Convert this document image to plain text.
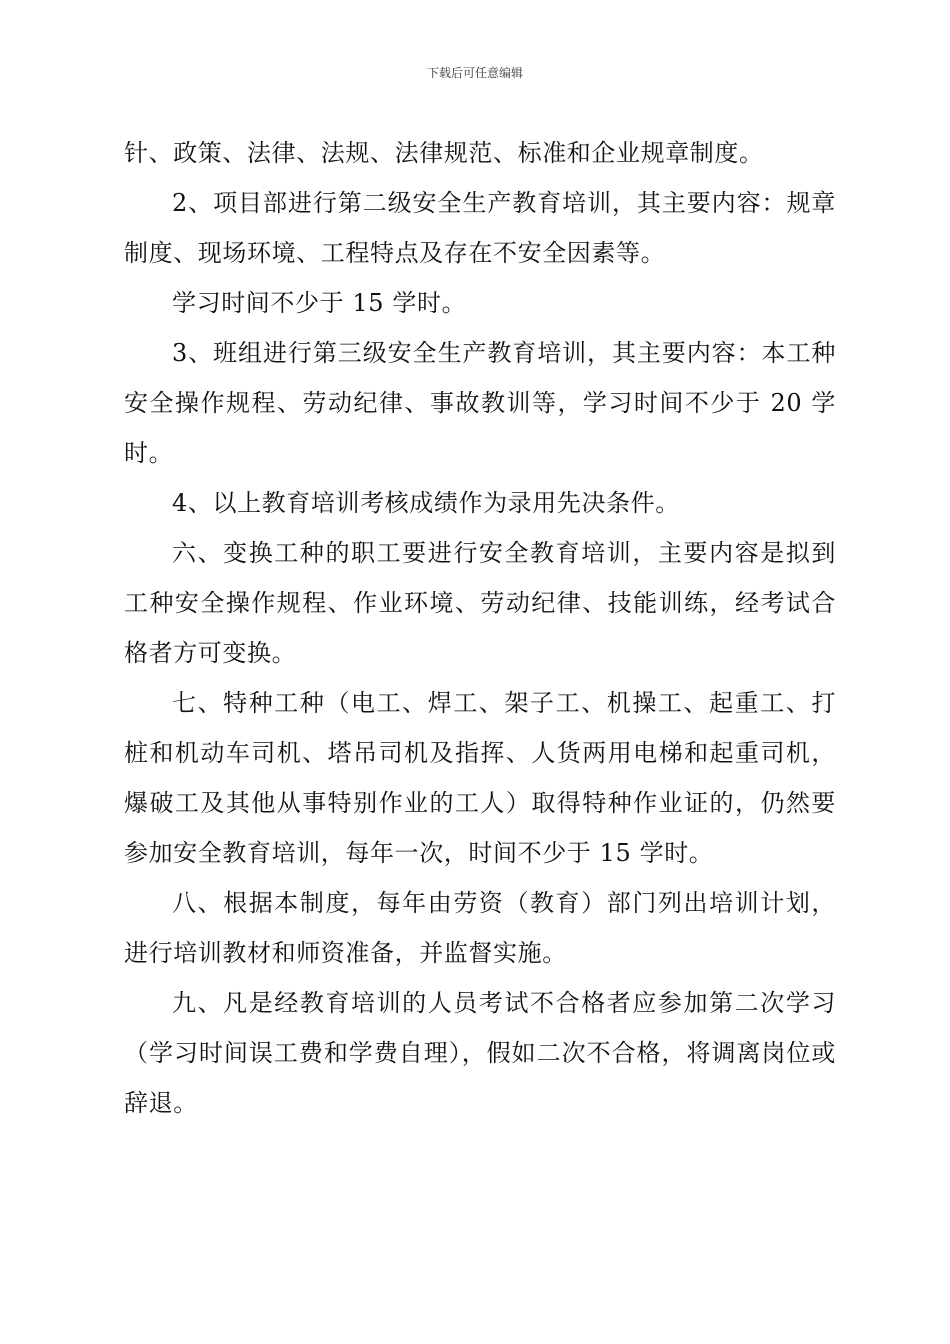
下载后可任意编辑

针、政策、法律、法规、法律规范、标准和企业规章制度。

2、项目部进行第二级安全生产教育培训，其主要内容：规章制度、现场环境、工程特点及存在不安全因素等。

学习时间不少于 15 学时。

3、班组进行第三级安全生产教育培训，其主要内容：本工种安全操作规程、劳动纪律、事故教训等，学习时间不少于 20 学时。

4、以上教育培训考核成绩作为录用先决条件。

六、变换工种的职工要进行安全教育培训，主要内容是拟到工种安全操作规程、作业环境、劳动纪律、技能训练，经考试合格者方可变换。

七、特种工种（电工、焊工、架子工、机操工、起重工、打桩和机动车司机、塔吊司机及指挥、人货两用电梯和起重司机，爆破工及其他从事特别作业的工人）取得特种作业证的，仍然要参加安全教育培训，每年一次，时间不少于 15 学时。

八、根据本制度，每年由劳资（教育）部门列出培训计划，进行培训教材和师资准备，并监督实施。

九、凡是经教育培训的人员考试不合格者应参加第二次学习（学习时间误工费和学费自理），假如二次不合格，将调离岗位或辞退。
